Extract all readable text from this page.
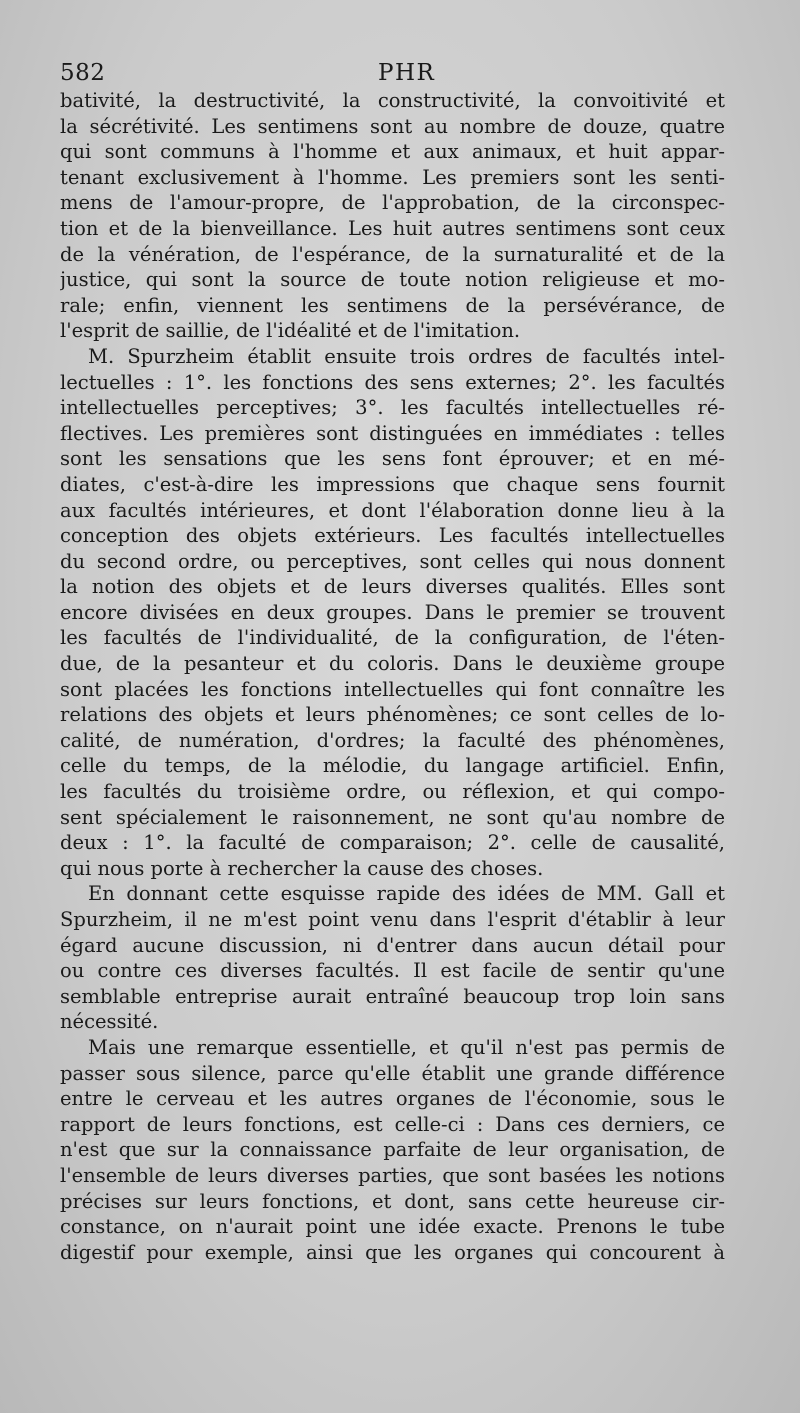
582	PHR
bativité, la destructivité, la constructivité, la convoitivité et
la sécrétivité. Les sentimens sont au nombre de douze, quatre
qui sont communs à l'homme et aux animaux, et huit appar-
tenant exclusivement à l'homme. Les premiers sont les senti-
mens de l'amour-propre, de l'approbation, de la circonspec-
tion et de la bienveillance. Les huit autres sentimens sont ceux
de la vénération, de l'espérance, de la surnaturalité et de la
justice, qui sont la source de toute notion religieuse et mo-
rale; enfin, viennent les sentimens de la persévérance, de
l'esprit de saillie, de l'idéalité et de l'imitation.
M. Spurzheim établit ensuite trois ordres de facultés intel-
lectuelles : 1°. les fonctions des sens externes; 2°. les facultés
intellectuelles perceptives; 3°. les facultés intellectuelles ré-
flectives. Les premières sont distinguées en immédiates : telles
sont les sensations que les sens font éprouver; et en mé-
diates, c'est-à-dire les impressions que chaque sens fournit
aux facultés intérieures, et dont l'élaboration donne lieu à la
conception des objets extérieurs. Les facultés intellectuelles
du second ordre, ou perceptives, sont celles qui nous donnent
la notion des objets et de leurs diverses qualités. Elles sont
encore divisées en deux groupes. Dans le premier se trouvent
les facultés de l'individualité, de la configuration, de l'éten-
due, de la pesanteur et du coloris. Dans le deuxième groupe
sont placées les fonctions intellectuelles qui font connaître les
relations des objets et leurs phénomènes; ce sont celles de lo-
calité, de numération, d'ordres; la faculté des phénomènes,
celle du temps, de la mélodie, du langage artificiel. Enfin,
les facultés du troisième ordre, ou réflexion, et qui compo-
sent spécialement le raisonnement, ne sont qu'au nombre de
deux : 1°. la faculté de comparaison; 2°. celle de causalité,
qui nous porte à rechercher la cause des choses.
En donnant cette esquisse rapide des idées de MM. Gall et
Spurzheim, il ne m'est point venu dans l'esprit d'établir à leur
égard aucune discussion, ni d'entrer dans aucun détail pour
ou contre ces diverses facultés. Il est facile de sentir qu'une
semblable entreprise aurait entraîné beaucoup trop loin sans
nécessité.
Mais une remarque essentielle, et qu'il n'est pas permis de
passer sous silence, parce qu'elle établit une grande différence
entre le cerveau et les autres organes de l'économie, sous le
rapport de leurs fonctions, est celle-ci : Dans ces derniers, ce
n'est que sur la connaissance parfaite de leur organisation, de
l'ensemble de leurs diverses parties, que sont basées les notions
précises sur leurs fonctions, et dont, sans cette heureuse cir-
constance, on n'aurait point une idée exacte. Prenons le tube
digestif pour exemple, ainsi que les organes qui concourent à
